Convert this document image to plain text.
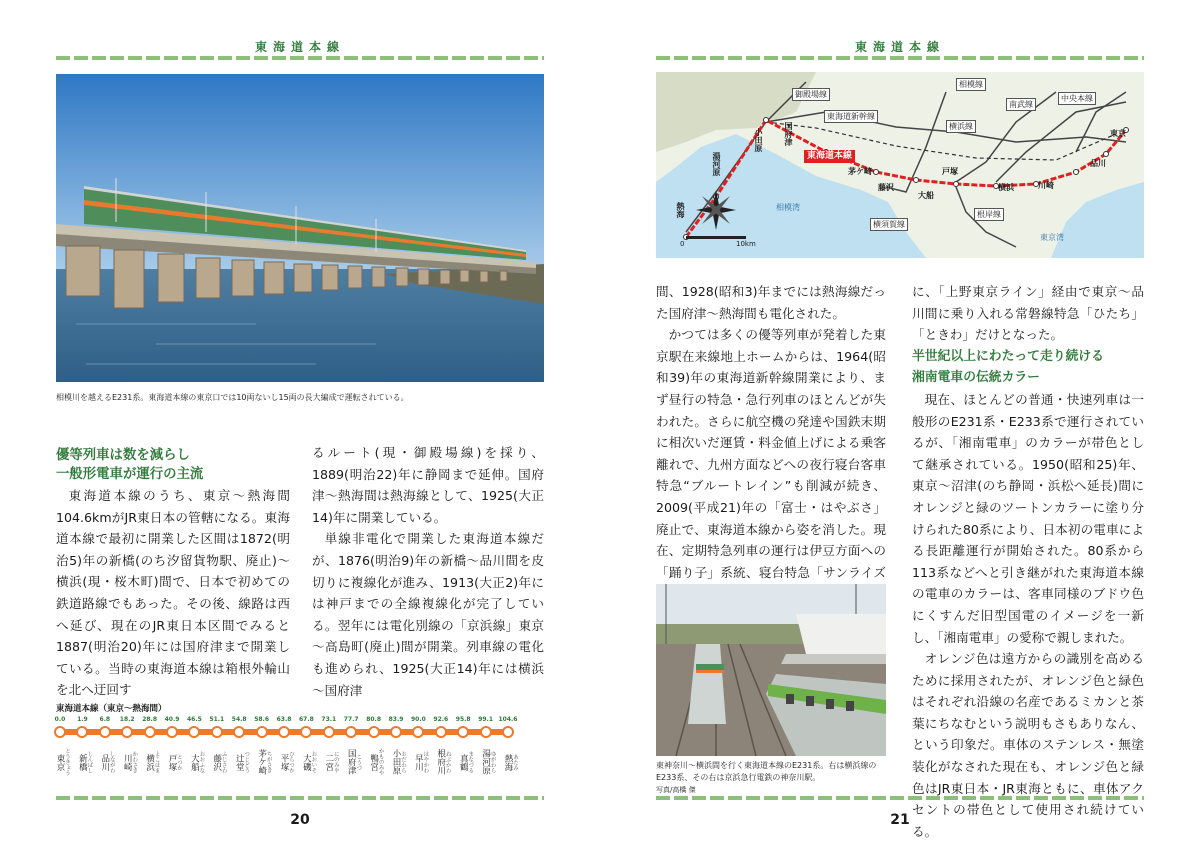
東海道本線
相模川を越えるE231系。東海道本線の東京口では10両ないし15両の長大編成で運転されている。
優等列車は数を減らし
一般形電車が運行の主流

東海道本線のうち、東京～熱海間104.6kmがJR東日本の管轄になる。東海道本線で最初に開業した区間は1872(明治5)年の新橋(のち汐留貨物駅、廃止)～横浜(現・桜木町)間で、日本で初めての鉄道路線でもあった。その後、線路は西へ延び、現在のJR東日本区間でみると1887(明治20)年には国府津まで開業している。当時の東海道本線は箱根外輪山を北へ迂回す

るルート(現・御殿場線)を採り、1889(明治22)年に静岡まで延伸。国府津～熱海間は熱海線として、1925(大正14)年に開業している。

単線非電化で開業した東海道本線だが、1876(明治9)年の新橋～品川間を皮切りに複線化が進み、1913(大正2)年には神戸までの全線複線化が完了している。翌年には電化別線の「京浜線」東京～高島町(廃止)間が開業。列車線の電化も進められ、1925(大正14)年には横浜～国府津

東海道本線（東京～熱海間）
0.0
東京 とうきょう
1.9
新橋 しんばし
6.8
品川 しながわ
18.2
川崎 かわさき
28.8
横浜 よこはま
40.9
戸塚 とつか
46.5
大船 おおふな
51.1
藤沢 ふじさわ
54.8
辻堂 つじどう
58.6
茅ケ崎 ちがさき
63.8
平塚 ひらつか
67.8
大磯 おおいそ
73.1
二宮 にのみや
77.7
国府津 こうづ
80.8
鴨宮 かものみや
83.9
小田原 おだわら
90.0
早川 はやかわ
92.6
根府川 ねぶかわ
95.8
真鶴 まなづる
99.1
湯河原 ゆがわら
104.6
熱海 あたみ
20
東海道本線
御殿場線
東海道新幹線
横浜線
南武線
相模線
中央本線
根岸線
横須賀線
東海道本線
熱海
小田原	国府津
湯河原	茅ケ崎
藤沢
大船
戸塚
横浜	川崎
品川
東京
相模湾
東京湾
0	10km

間、1928(昭和3)年までには熱海線だった国府津～熱海間も電化された。

かつては多くの優等列車が発着した東京駅在来線地上ホームからは、1964(昭和39)年の東海道新幹線開業により、まず昼行の特急・急行列車のほとんどが失われた。さらに航空機の発達や国鉄末期に相次いだ運賃・料金値上げによる乗客離れで、九州方面などへの夜行寝台客車特急“ブルートレイン”も削減が続き、2009(平成21)年の「富士・はやぶさ」廃止で、東海道本線から姿を消した。現在、定期特急列車の運行は伊豆方面への「踊り子」系統、寝台特急「サンライズ

東神奈川～横浜間を行く東海道本線のE231系。右は横浜線のE233系、その右は京浜急行電鉄の神奈川駅。
写真/高橋 傑

に、「上野東京ライン」経由で東京～品川間に乗り入れる常磐線特急「ひたち」「ときわ」だけとなった。

半世紀以上にわたって走り続ける
湘南電車の伝統カラー

現在、ほとんどの普通・快速列車は一般形のE231系・E233系で運行されているが、「湘南電車」のカラーが帯色として継承されている。1950(昭和25)年、東京～沼津(のち静岡・浜松へ延長)間にオレンジと緑のツートンカラーに塗り分けられた80系により、日本初の電車による長距離運行が開始された。80系から113系などへと引き継がれた東海道本線の電車のカラーは、客車同様のブドウ色にくすんだ旧型国電のイメージを一新し、「湘南電車」の愛称で親しまれた。

オレンジ色は遠方からの識別を高めるために採用されたが、オレンジ色と緑色はそれぞれ沿線の名産であるミカンと茶葉にちなむという説明もさもありなん、という印象だ。車体のステンレス・無塗装化がなされた現在も、オレンジ色と緑色はJR東日本・JR東海ともに、車体アクセントの帯色として使用され続けている。

21
